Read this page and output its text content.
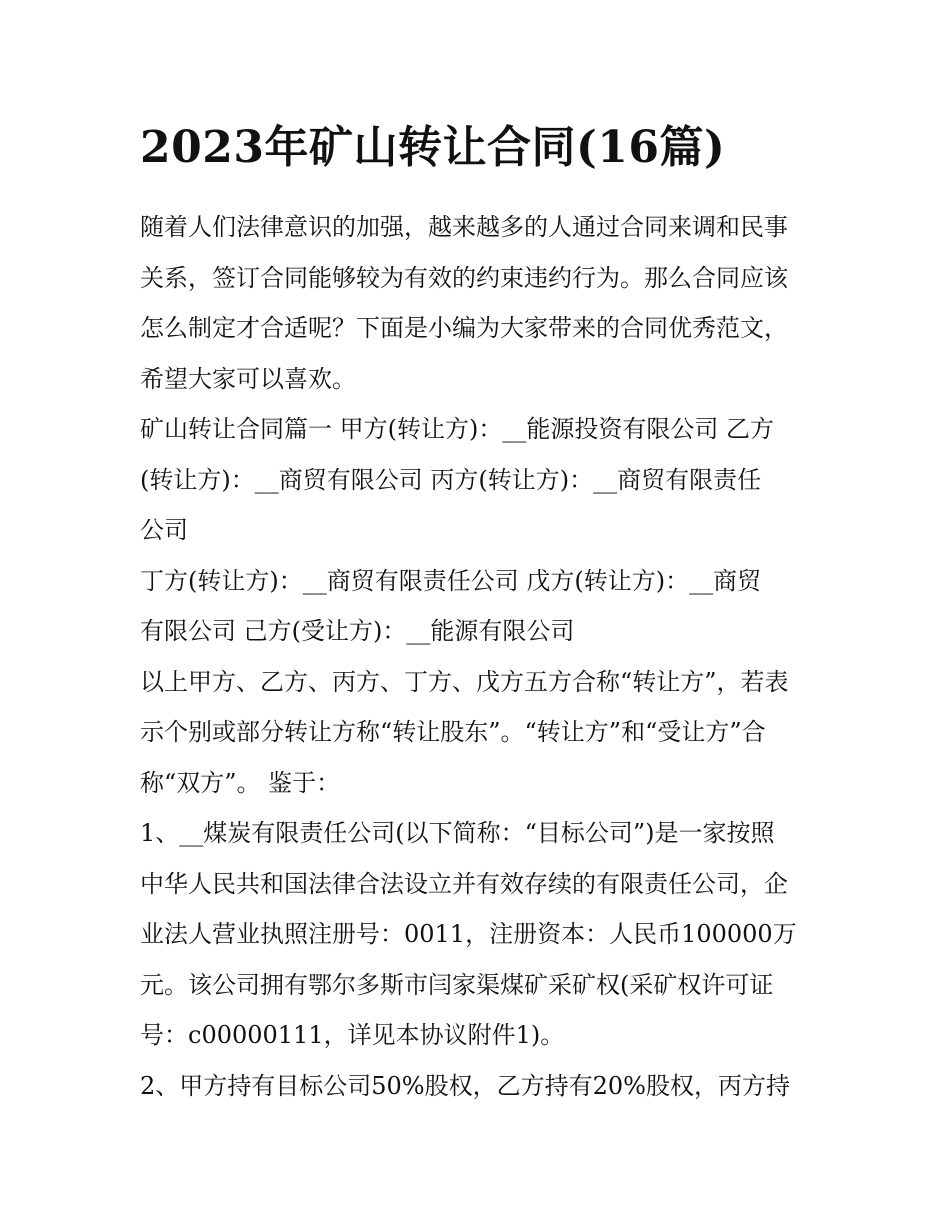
2023年矿山转让合同(16篇)

随着人们法律意识的加强，越来越多的人通过合同来调和民事

关系，签订合同能够较为有效的约束违约行为。那么合同应该

怎么制定才合适呢？下面是小编为大家带来的合同优秀范文，

希望大家可以喜欢。

矿山转让合同篇一 甲方(转让方)：__能源投资有限公司 乙方

(转让方)：__商贸有限公司 丙方(转让方)：__商贸有限责任

公司

丁方(转让方)：__商贸有限责任公司 戊方(转让方)：__商贸

有限公司 己方(受让方)：__能源有限公司

以上甲方、乙方、丙方、丁方、戊方五方合称“转让方”，若表

示个别或部分转让方称“转让股东”。“转让方”和“受让方”合

称“双方”。 鉴于：

1、__煤炭有限责任公司(以下简称：“目标公司”)是一家按照

中华人民共和国法律合法设立并有效存续的有限责任公司，企

业法人营业执照注册号：0011，注册资本：人民币100000万

元。该公司拥有鄂尔多斯市闫家渠煤矿采矿权(采矿权许可证

号：c00000111，详见本协议附件1)。

2、甲方持有目标公司50%股权，乙方持有20%股权，丙方持
